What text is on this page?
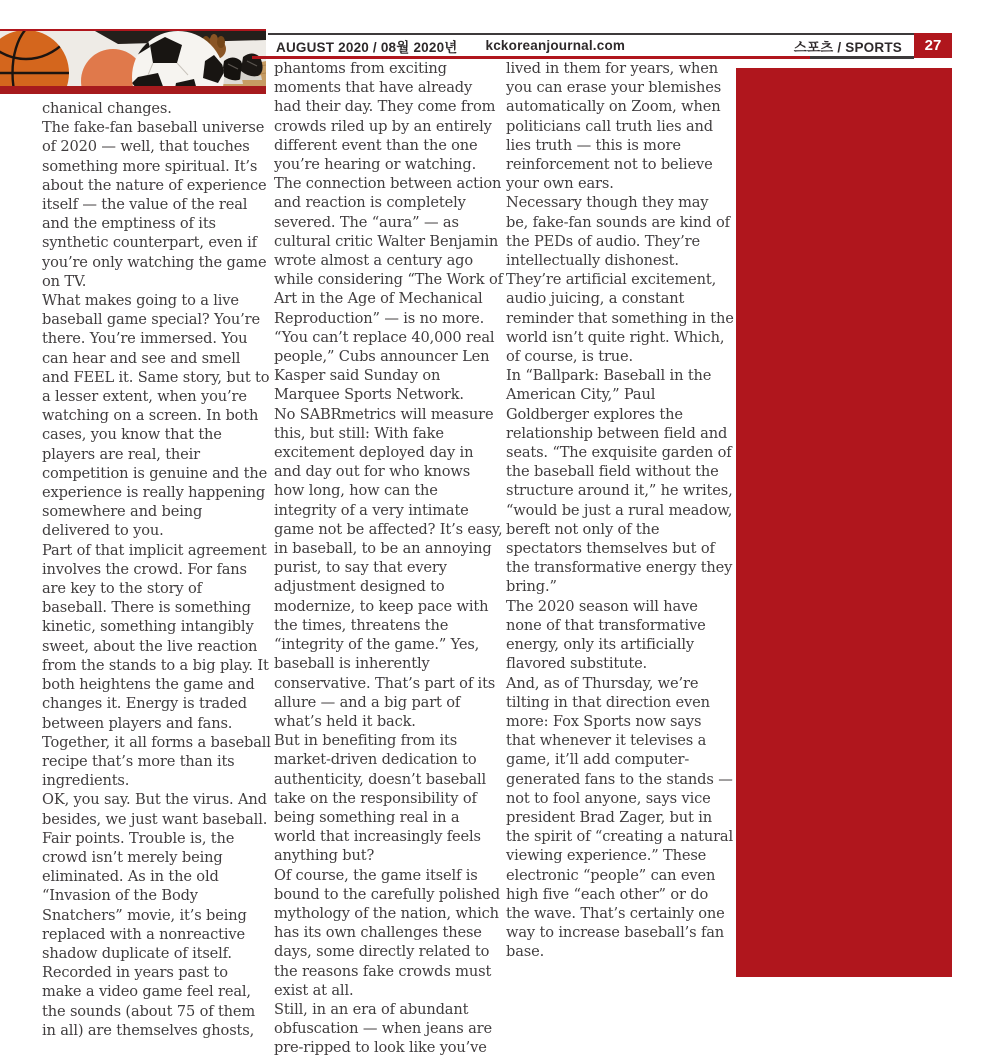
AUGUST 2020 / 08월 2020년 kckoreanjournal.com	스포츠 / SPORTS 27

chanical changes.

The fake-fan baseball universe of 2020 — well, that touches something more spiritual. It’s about the nature of experience itself — the value of the real and the emptiness of its synthetic counterpart, even if you’re only watching the game on TV.

What makes going to a live baseball game special? You’re there. You’re immersed. You can hear and see and smell and FEEL it. Same story, but to a lesser extent, when you’re watching on a screen. In both cases, you know that the players are real, their competition is genuine and the experience is really happening somewhere and being delivered to you.

Part of that implicit agreement involves the crowd. For fans are key to the story of baseball. There is something kinetic, something intangibly sweet, about the live reaction from the stands to a big play. It both heightens the game and changes it. Energy is traded between players and fans. Together, it all forms a baseball recipe that’s more than its ingredients.

OK, you say. But the virus. And besides, we just want baseball. Fair points. Trouble is, the crowd isn’t merely being eliminated. As in the old “Invasion of the Body Snatchers” movie, it’s being replaced with a nonreactive shadow duplicate of itself.

Recorded in years past to make a video game feel real, the sounds (about 75 of them in all) are themselves ghosts,

phantoms from exciting moments that have already had their day. They come from crowds riled up by an entirely different event than the one you’re hearing or watching. The connection between action and reaction is completely severed. The “aura” — as cultural critic Walter Benjamin wrote almost a century ago while considering “The Work of Art in the Age of Mechanical Reproduction” — is no more.

“You can’t replace 40,000 real people,” Cubs announcer Len Kasper said Sunday on Marquee Sports Network.

No SABRmetrics will measure this, but still: With fake excitement deployed day in and day out for who knows how long, how can the integrity of a very intimate game not be affected? It’s easy, in baseball, to be an annoying purist, to say that every adjustment designed to modernize, to keep pace with the times, threatens the “integrity of the game.” Yes, baseball is inherently conservative. That’s part of its allure — and a big part of what’s held it back.

But in benefiting from its market-driven dedication to authenticity, doesn’t baseball take on the responsibility of being something real in a world that increasingly feels anything but?

Of course, the game itself is bound to the carefully polished mythology of the nation, which has its own challenges these days, some directly related to the reasons fake crowds must exist at all.

Still, in an era of abundant obfuscation — when jeans are pre-ripped to look like you’ve

lived in them for years, when you can erase your blemishes automatically on Zoom, when politicians call truth lies and lies truth — this is more reinforcement not to believe your own ears.

Necessary though they may be, fake-fan sounds are kind of the PEDs of audio. They’re intellectually dishonest. They’re artificial excitement, audio juicing, a constant reminder that something in the world isn’t quite right. Which, of course, is true.

In “Ballpark: Baseball in the American City,” Paul Goldberger explores the relationship between field and seats. “The exquisite garden of the baseball field without the structure around it,” he writes, “would be just a rural meadow, bereft not only of the spectators themselves but of the transformative energy they bring.”

The 2020 season will have none of that transformative energy, only its artificially flavored substitute.

And, as of Thursday, we’re tilting in that direction even more: Fox Sports now says that whenever it televises a game, it’ll add computer-generated fans to the stands — not to fool anyone, says vice president Brad Zager, but in the spirit of “creating a natural viewing experience.” These electronic “people” can even high five “each other” or do the wave. That’s certainly one way to increase baseball’s fan base.
